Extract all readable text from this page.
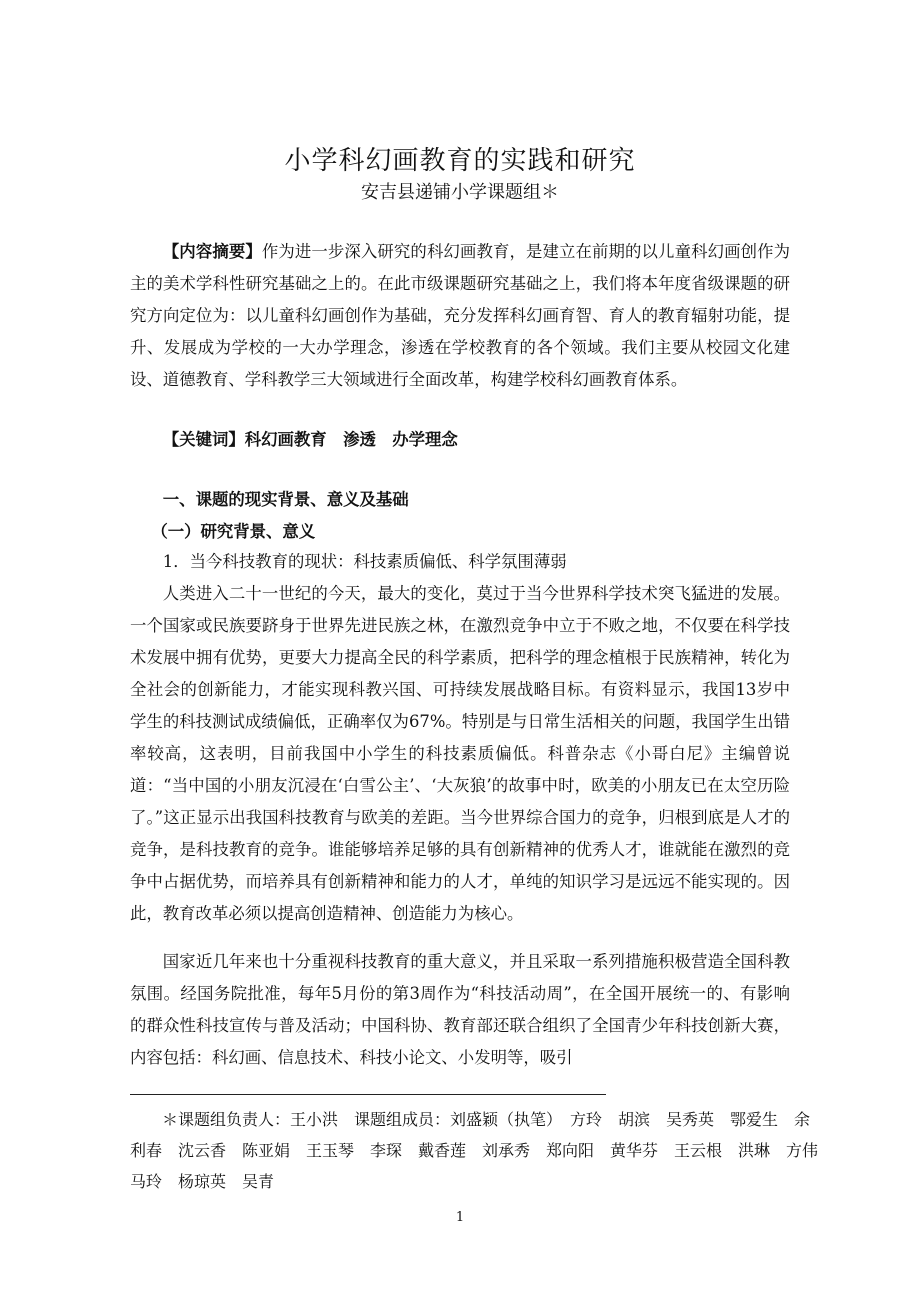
小学科幻画教育的实践和研究
安吉县递铺小学课题组＊
【内容摘要】作为进一步深入研究的科幻画教育，是建立在前期的以儿童科幻画创作为主的美术学科性研究基础之上的。在此市级课题研究基础之上，我们将本年度省级课题的研究方向定位为：以儿童科幻画创作为基础，充分发挥科幻画育智、育人的教育辐射功能，提升、发展成为学校的一大办学理念，渗透在学校教育的各个领域。我们主要从校园文化建设、道德教育、学科教学三大领域进行全面改革，构建学校科幻画教育体系。
【关键词】科幻画教育　渗透　办学理念
一、课题的现实背景、意义及基础
（一）研究背景、意义
1．当今科技教育的现状：科技素质偏低、科学氛围薄弱
人类进入二十一世纪的今天，最大的变化，莫过于当今世界科学技术突飞猛进的发展。一个国家或民族要跻身于世界先进民族之林，在激烈竞争中立于不败之地，不仅要在科学技术发展中拥有优势，更要大力提高全民的科学素质，把科学的理念植根于民族精神，转化为全社会的创新能力，才能实现科教兴国、可持续发展战略目标。有资料显示，我国13岁中学生的科技测试成绩偏低，正确率仅为67%。特别是与日常生活相关的问题，我国学生出错率较高，这表明，目前我国中小学生的科技素质偏低。科普杂志《小哥白尼》主编曾说道：“当中国的小朋友沉浸在‘白雪公主’、‘大灰狼’的故事中时，欧美的小朋友已在太空历险了。”这正显示出我国科技教育与欧美的差距。当今世界综合国力的竞争，归根到底是人才的竞争，是科技教育的竞争。谁能够培养足够的具有创新精神的优秀人才，谁就能在激烈的竞争中占据优势，而培养具有创新精神和能力的人才，单纯的知识学习是远远不能实现的。因此，教育改革必须以提高创造精神、创造能力为核心。
国家近几年来也十分重视科技教育的重大意义，并且采取一系列措施积极营造全国科教氛围。经国务院批准，每年5月份的第3周作为“科技活动周”，在全国开展统一的、有影响的群众性科技宣传与普及活动；中国科协、教育部还联合组织了全国青少年科技创新大赛，内容包括：科幻画、信息技术、科技小论文、小发明等，吸引
＊课题组负责人：王小洪　课题组成员：刘盛颖（执笔）　方玲　胡滨　吴秀英　鄂爱生　余利春　沈云香　陈亚娟　王玉琴　李琛　戴香莲　刘承秀　郑向阳　黄华芬　王云根　洪琳　方伟　马玲　杨琼英　吴青
1
